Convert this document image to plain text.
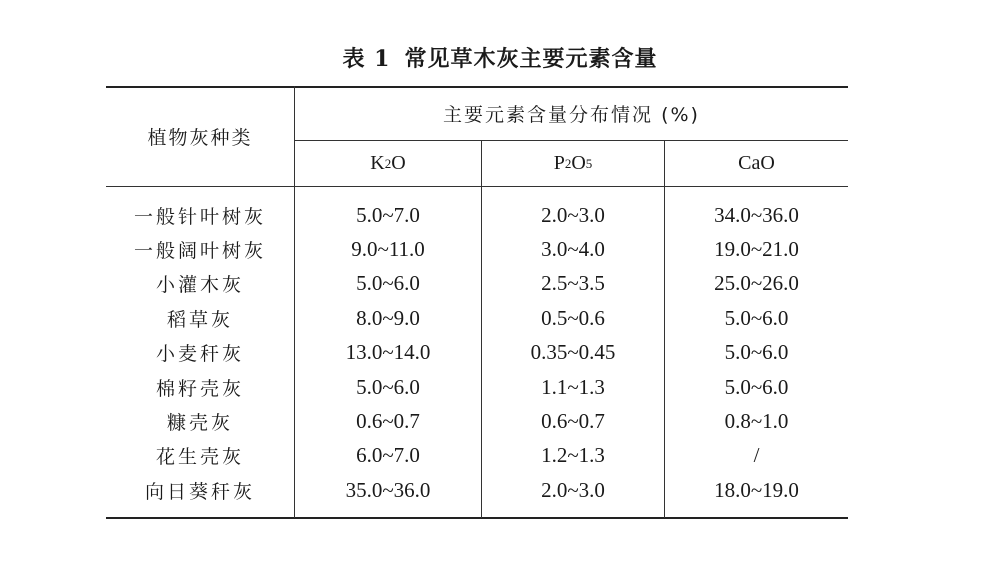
表 1 常见草木灰主要元素含量
植物灰种类
主要元素含量分布情况 (%)
K 2 O	P 2 O 5	CaO
一般针叶树灰	5.0~7.0	2.0~3.0	34.0~36.0
一般阔叶树灰	9.0~11.0	3.0~4.0	19.0~21.0
小灌木灰	5.0~6.0	2.5~3.5	25.0~26.0
稻草灰	8.0~9.0	0.5~0.6	5.0~6.0
小麦秆灰	13.0~14.0	0.35~0.45	5.0~6.0
棉籽壳灰	5.0~6.0	1.1~1.3	5.0~6.0
糠壳灰	0.6~0.7	0.6~0.7	0.8~1.0
花生壳灰	6.0~7.0	1.2~1.3	/
向日葵秆灰	35.0~36.0	2.0~3.0	18.0~19.0
